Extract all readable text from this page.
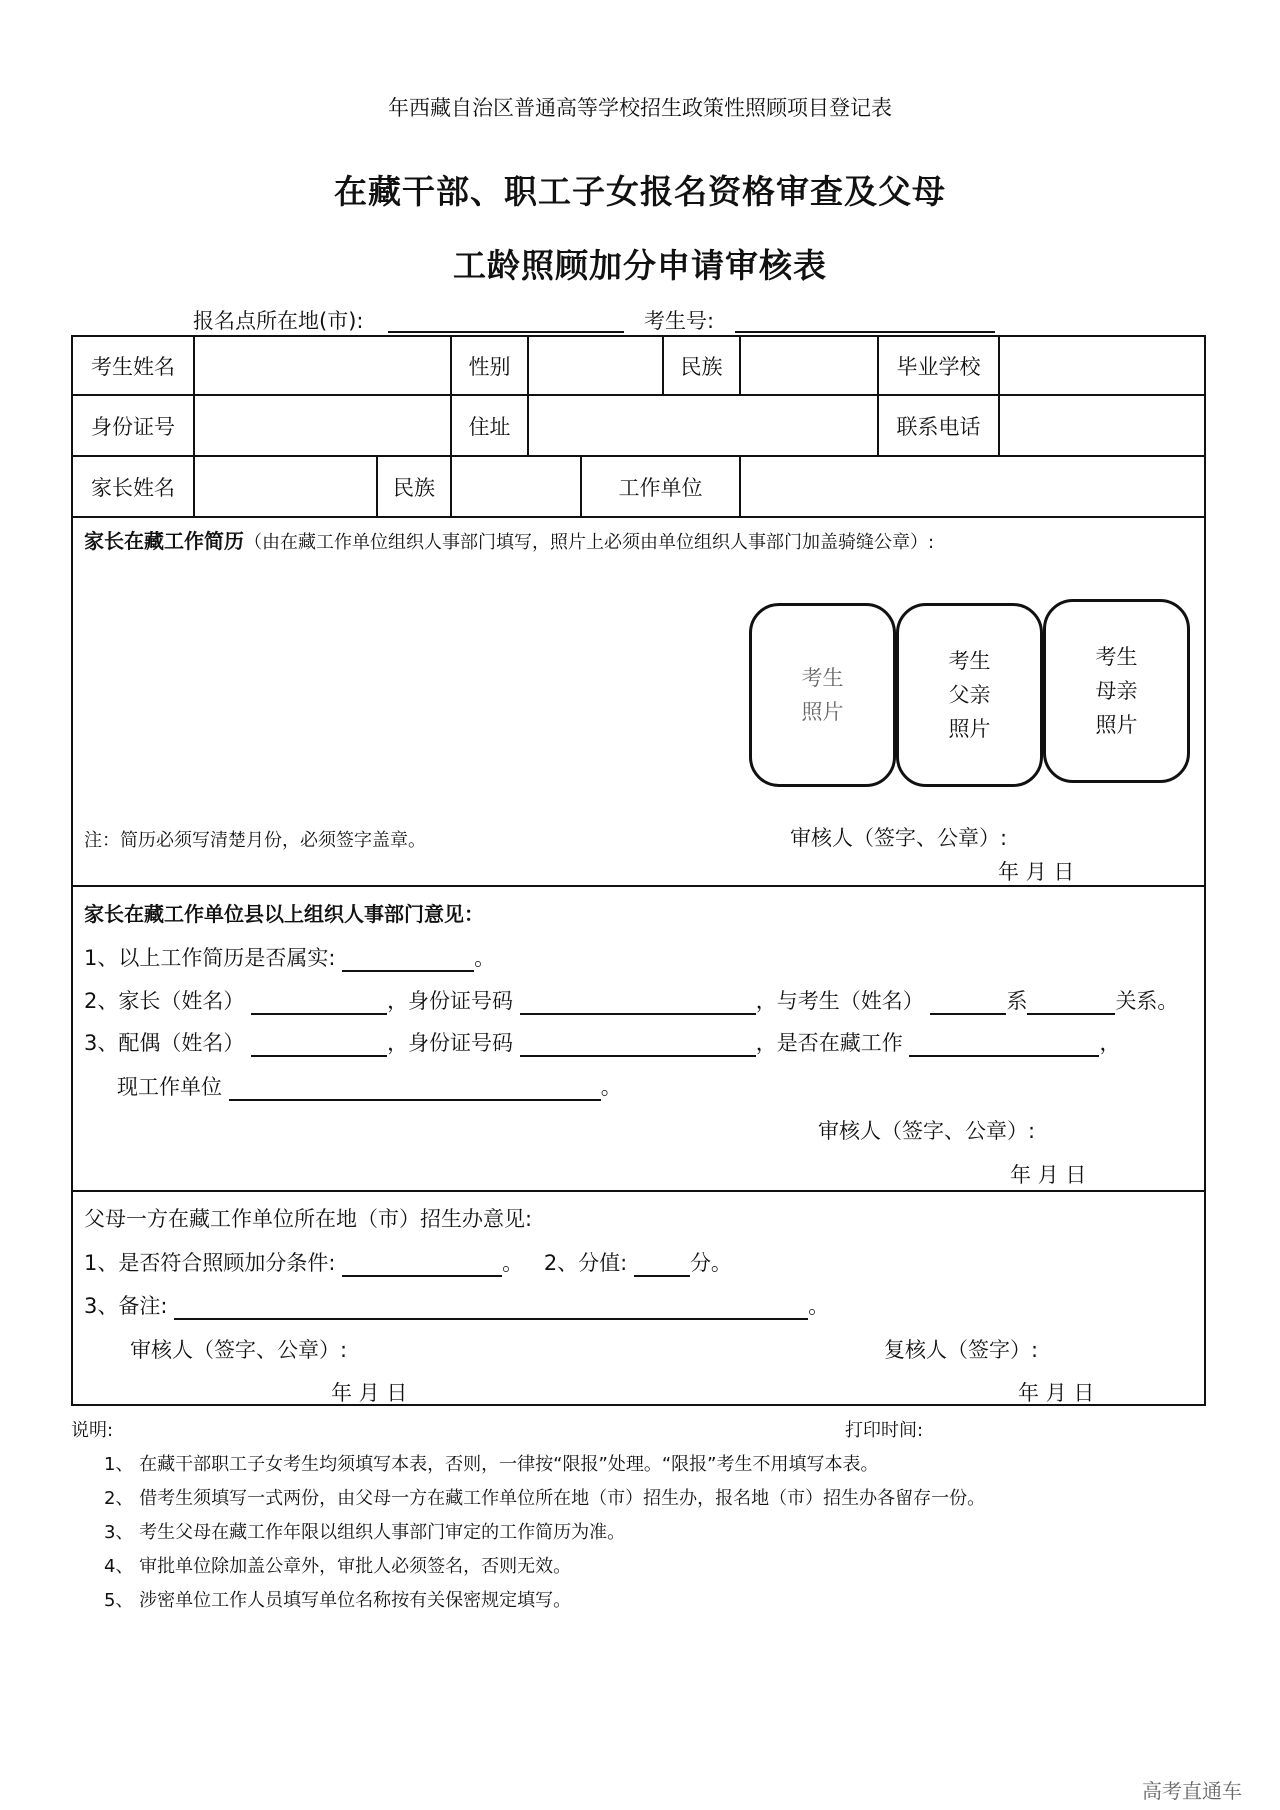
年西藏自治区普通高等学校招生政策性照顾项目登记表
在藏干部、职工子女报名资格审查及父母
工龄照顾加分申请审核表
报名点所在地(市):	考生号:
考生姓名	性别	民族	毕业学校
身份证号	住址	联系电话
家长姓名	民族	工作单位
家长在藏工作简历（由在藏工作单位组织人事部门填写，照片上必须由单位组织人事部门加盖骑缝公章）:
考生
照片
考生
父亲
照片
考生
母亲
照片
注：简历必须写清楚月份，必须签字盖章。	审核人（签字、公章）:
年 月 日
家长在藏工作单位县以上组织人事部门意见：
1、以上工作简历是否属实:	。
2、家长（姓名）	，身份证号码	，与考生（姓名）	系	关系。
3、配偶（姓名）	，身份证号码	，是否在藏工作	，
现工作单位	。
审核人（签字、公章）:
年 月 日
父母一方在藏工作单位所在地（市）招生办意见:
1、是否符合照顾加分条件:	。 2、分值:	分。
3、备注:	。
审核人（签字、公章）:	复核人（签字）:
年 月 日	年 月 日
说明:	打印时间:
1、 在藏干部职工子女考生均须填写本表，否则，一律按“限报”处理。“限报”考生不用填写本表。
2、 借考生须填写一式两份，由父母一方在藏工作单位所在地（市）招生办，报名地（市）招生办各留存一份。
3、 考生父母在藏工作年限以组织人事部门审定的工作简历为准。
4、 审批单位除加盖公章外，审批人必须签名，否则无效。
5、 涉密单位工作人员填写单位名称按有关保密规定填写。
高考直通车
